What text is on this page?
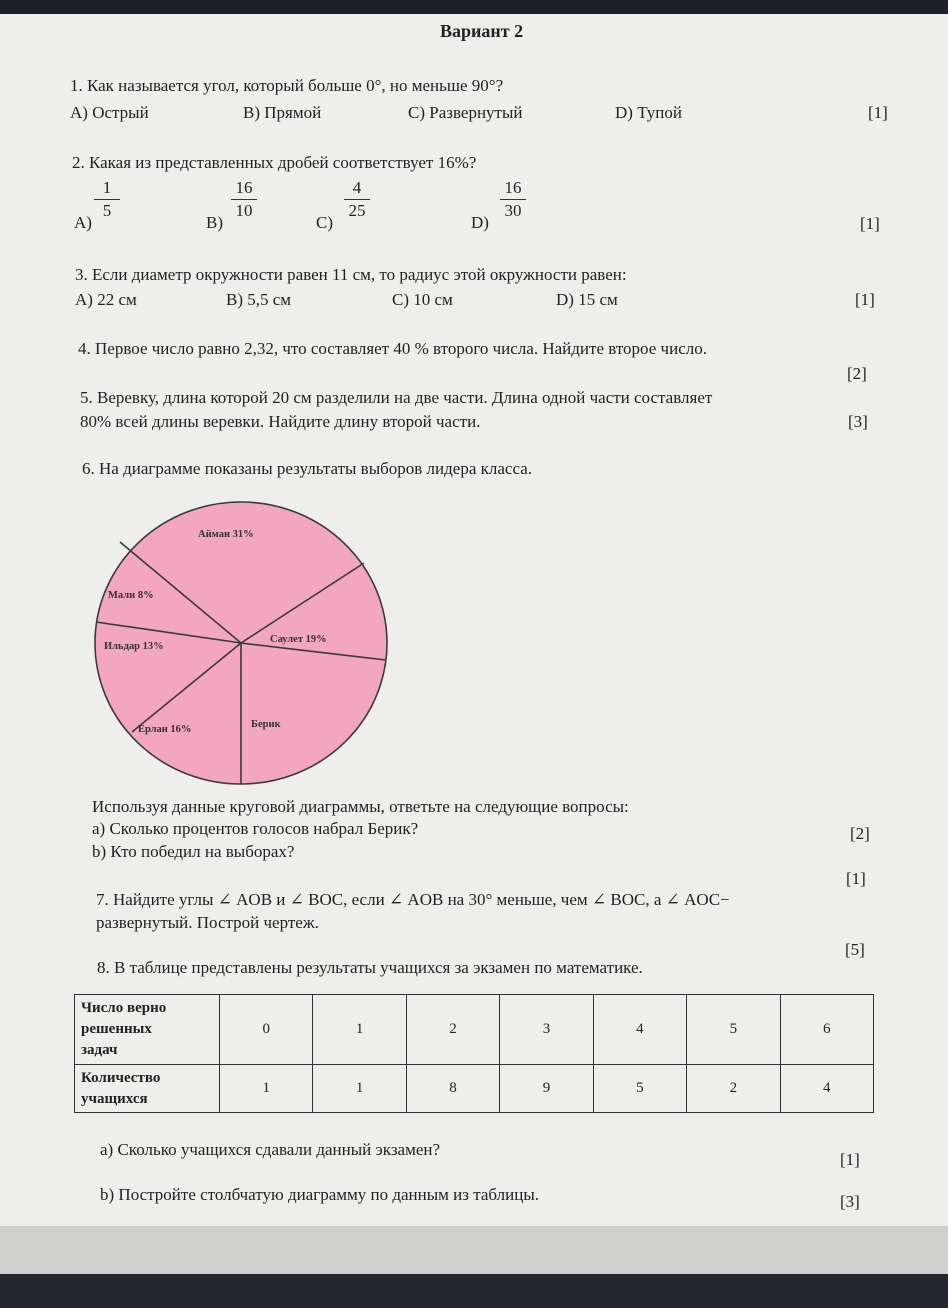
Вариант 2
1. Как называется угол, который больше 0°, но меньше 90°?
A) Острый	B) Прямой	C) Развернутый	D) Тупой	[1]
2. Какая из представленных дробей соответствует 16%?
A)
1
5
B)
16
10
C)
4
25
D)
16
30
[1]
3. Если диаметр окружности равен 11 см, то радиус этой окружности равен:
A) 22 см	B) 5,5 см	C) 10 см	D) 15 см	[1]
4. Первое число равно 2,32, что составляет 40 % второго числа. Найдите второе число.
[2]
5. Веревку, длина которой 20 см разделили на две части. Длина одной части составляет
80% всей длины веревки. Найдите длину второй части.	[3]
6. На диаграмме показаны результаты выборов лидера класса.
Айман 31%
Саулет 19%
Берик
Ерлан 16%
Ильдар 13%
Мали 8%
Используя данные круговой диаграммы, ответьте на следующие вопросы:
a) Сколько процентов голосов набрал Берик?	[2]
b) Кто победил на выборах?
[1]
7. Найдите углы ∠ AOB и ∠ BOC, если ∠ AOB на 30° меньше, чем ∠ BOC, а ∠ AOC−
развернутый. Построй чертеж.
[5]
8. В таблице представлены результаты учащихся за экзамен по математике.
Число верно
решенных
задач	0	1	2	3	4	5	6

Количество
учащихся	1	1	8	9	5	2	4
a) Сколько учащихся сдавали данный экзамен?
[1]
b) Постройте столбчатую диаграмму по данным из таблицы.	[3]
